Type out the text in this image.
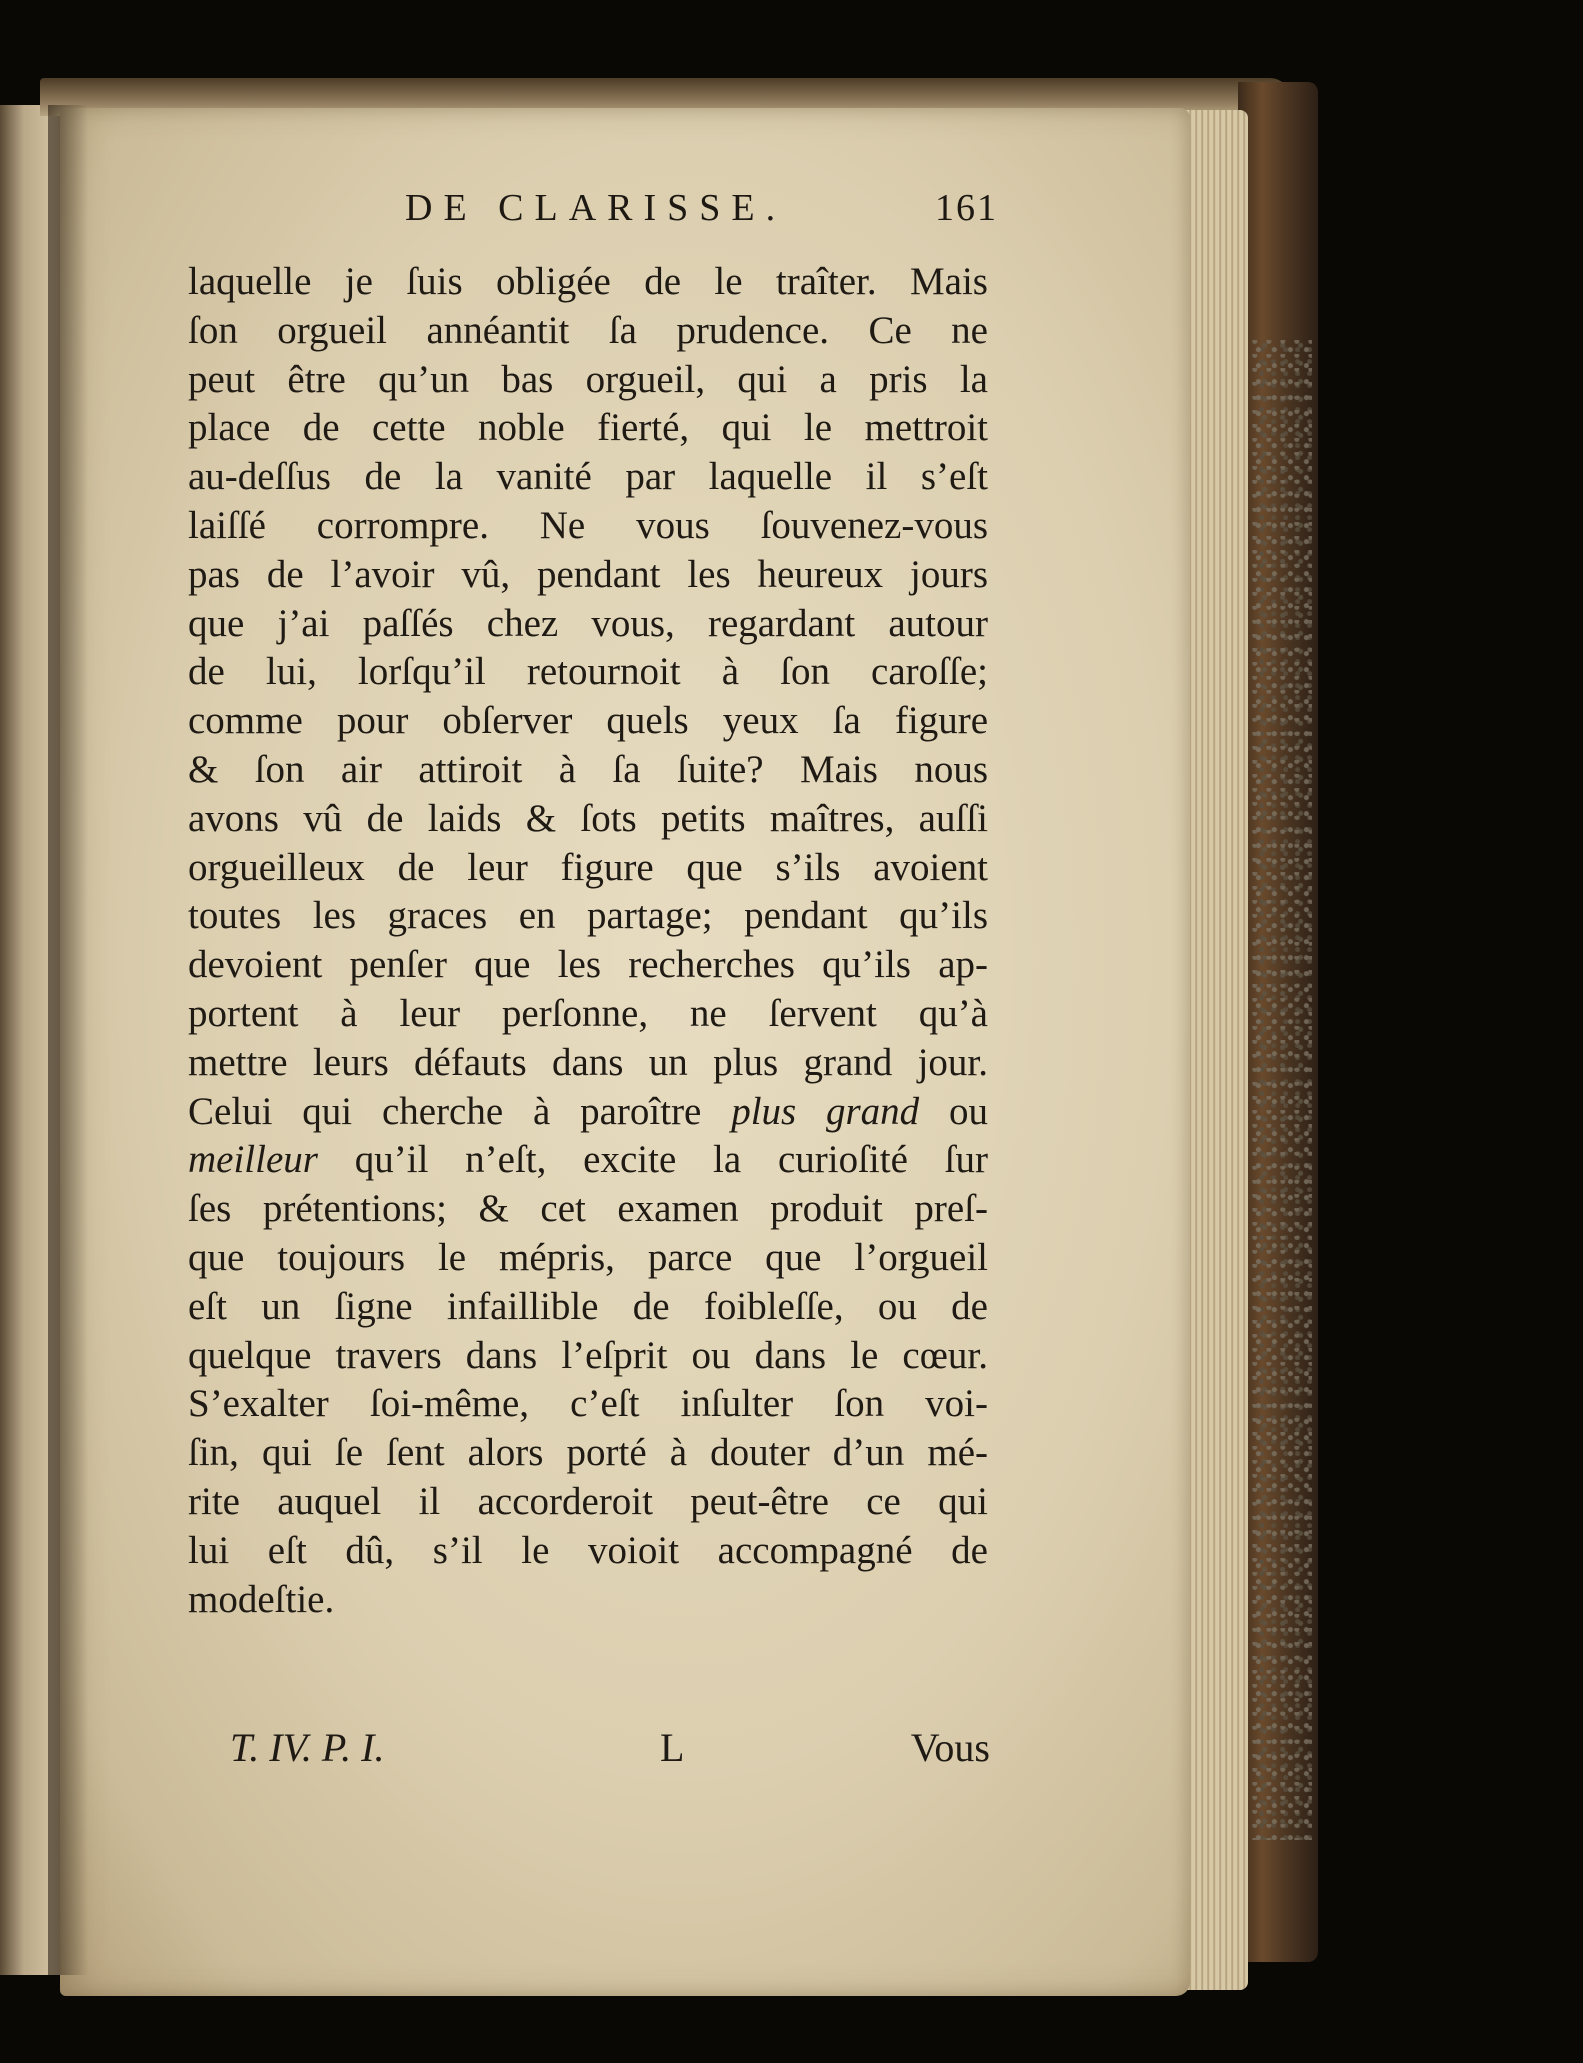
DE CLARISSE.	161
laquelle je ſuis obligée de le traîter. Mais
ſon orgueil annéantit ſa prudence. Ce ne
peut être qu’un bas orgueil, qui a pris la
place de cette noble fierté, qui le mettroit
au-deſſus de la vanité par laquelle il s’eſt
laiſſé corrompre. Ne vous ſouvenez-vous
pas de l’avoir vû, pendant les heureux jours
que j’ai paſſés chez vous, regardant autour
de lui, lorſqu’il retournoit à ſon caroſſe;
comme pour obſerver quels yeux ſa figure
& ſon air attiroit à ſa ſuite? Mais nous
avons vû de laids & ſots petits maîtres, auſſi
orgueilleux de leur figure que s’ils avoient
toutes les graces en partage; pendant qu’ils
devoient penſer que les recherches qu’ils ap-
portent à leur perſonne, ne ſervent qu’à
mettre leurs défauts dans un plus grand jour.
Celui qui cherche à paroître plus grand ou
meilleur qu’il n’eſt, excite la curioſité ſur
ſes prétentions; & cet examen produit preſ-
que toujours le mépris, parce que l’orgueil
eſt un ſigne infaillible de foibleſſe, ou de
quelque travers dans l’eſprit ou dans le cœur.
S’exalter ſoi-même, c’eſt inſulter ſon voi-
ſin, qui ſe ſent alors porté à douter d’un mé-
rite auquel il accorderoit peut-être ce qui
lui eſt dû, s’il le voioit accompagné de
modeſtie.
T. IV. P. I.	L	Vous
